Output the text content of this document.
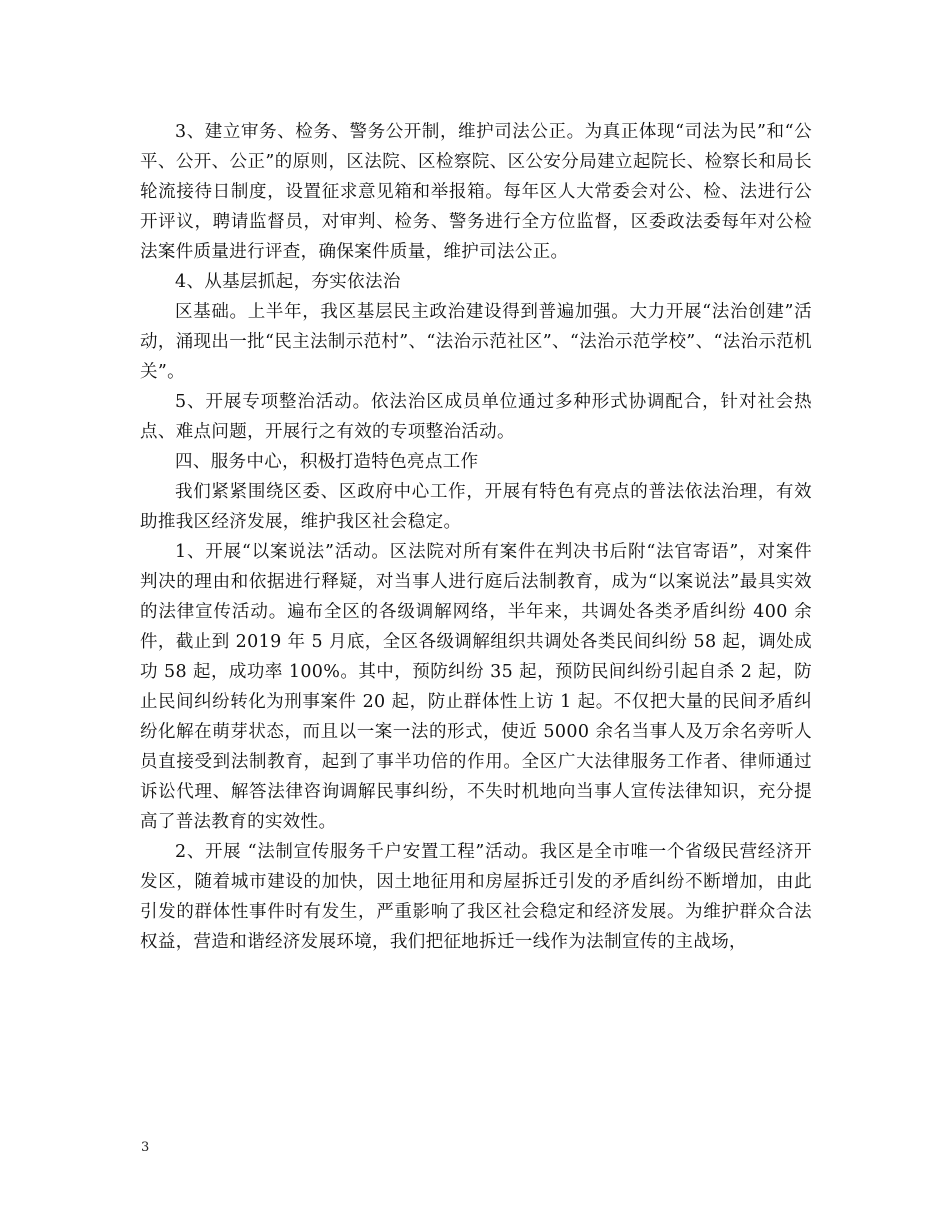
3、建立审务、检务、警务公开制，维护司法公正。为真正体现“司法为民”和“公平、公开、公正”的原则，区法院、区检察院、区公安分局建立起院长、检察长和局长轮流接待日制度，设置征求意见箱和举报箱。每年区人大常委会对公、检、法进行公开评议，聘请监督员，对审判、检务、警务进行全方位监督，区委政法委每年对公检法案件质量进行评查，确保案件质量，维护司法公正。

4、从基层抓起，夯实依法治

区基础。上半年，我区基层民主政治建设得到普遍加强。大力开展“法治创建”活动，涌现出一批“民主法制示范村”、“法治示范社区”、“法治示范学校”、“法治示范机关”。

5、开展专项整治活动。依法治区成员单位通过多种形式协调配合，针对社会热点、难点问题，开展行之有效的专项整治活动。

四、服务中心，积极打造特色亮点工作

我们紧紧围绕区委、区政府中心工作，开展有特色有亮点的普法依法治理，有效助推我区经济发展，维护我区社会稳定。

1、开展“以案说法”活动。区法院对所有案件在判决书后附“法官寄语”，对案件判决的理由和依据进行释疑，对当事人进行庭后法制教育，成为“以案说法”最具实效的法律宣传活动。遍布全区的各级调解网络，半年来，共调处各类矛盾纠纷 400 余件，截止到 2019 年 5 月底，全区各级调解组织共调处各类民间纠纷 58 起，调处成功 58 起，成功率 100%。其中，预防纠纷 35 起，预防民间纠纷引起自杀 2 起，防止民间纠纷转化为刑事案件 20 起，防止群体性上访 1 起。不仅把大量的民间矛盾纠纷化解在萌芽状态，而且以一案一法的形式，使近 5000 余名当事人及万余名旁听人员直接受到法制教育，起到了事半功倍的作用。全区广大法律服务工作者、律师通过诉讼代理、解答法律咨询调解民事纠纷，不失时机地向当事人宣传法律知识，充分提高了普法教育的实效性。

2、开展 “法制宣传服务千户安置工程”活动。我区是全市唯一个省级民营经济开发区，随着城市建设的加快，因土地征用和房屋拆迁引发的矛盾纠纷不断增加，由此引发的群体性事件时有发生，严重影响了我区社会稳定和经济发展。为维护群众合法权益，营造和谐经济发展环境，我们把征地拆迁一线作为法制宣传的主战场，

3
